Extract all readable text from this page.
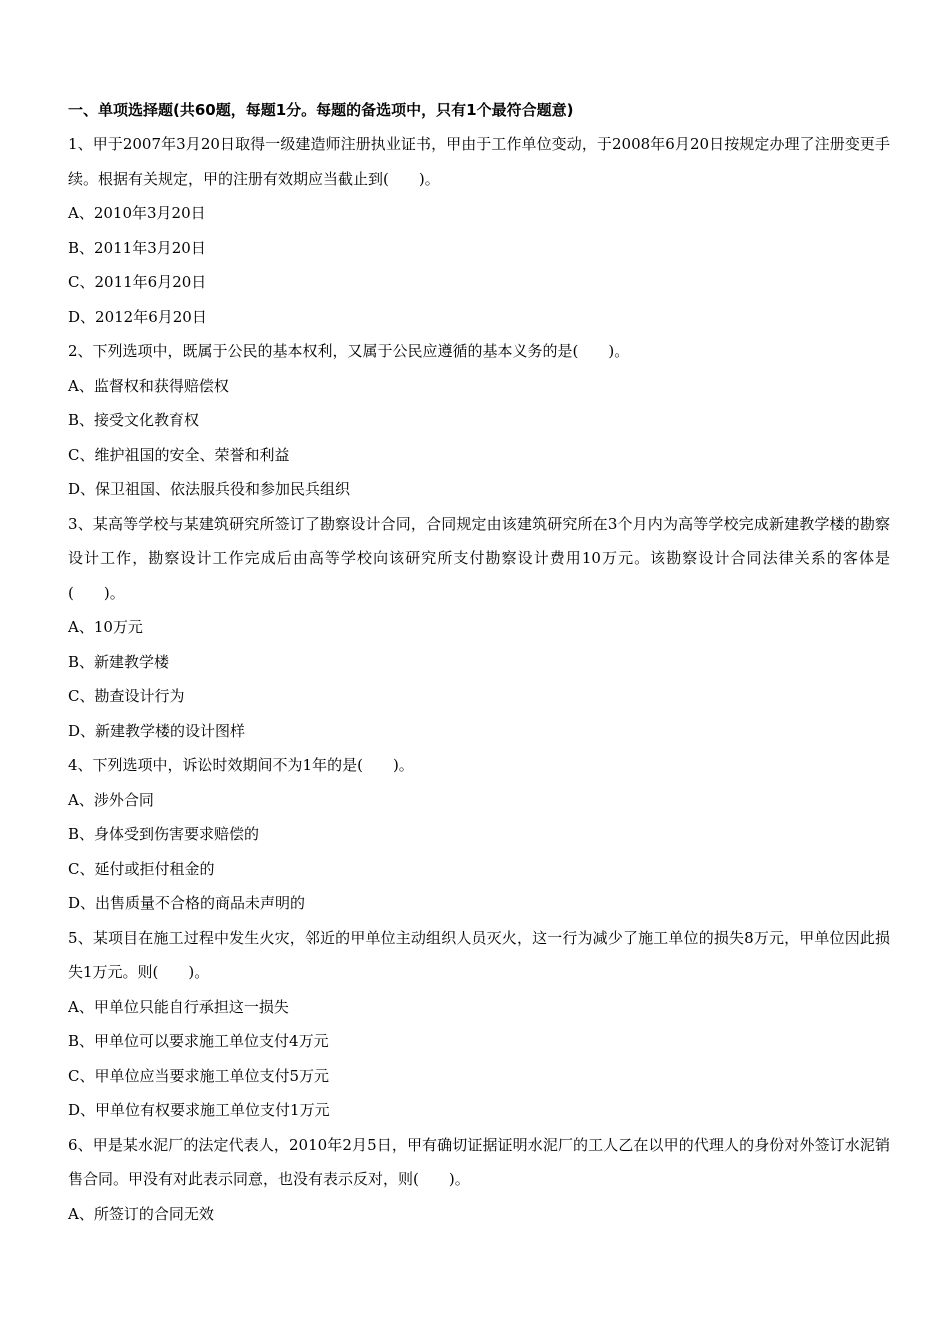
一、单项选择题(共60题，每题1分。每题的备选项中，只有1个最符合题意)

1、甲于2007年3月20日取得一级建造师注册执业证书，甲由于工作单位变动，于2008年6月20日按规定办理了注册变更手续。根据有关规定，甲的注册有效期应当截止到(　　)。

A、2010年3月20日

B、2011年3月20日

C、2011年6月20日

D、2012年6月20日

2、下列选项中，既属于公民的基本权利，又属于公民应遵循的基本义务的是(　　)。

A、监督权和获得赔偿权

B、接受文化教育权

C、维护祖国的安全、荣誉和利益

D、保卫祖国、依法服兵役和参加民兵组织

3、某高等学校与某建筑研究所签订了勘察设计合同，合同规定由该建筑研究所在3个月内为高等学校完成新建教学楼的勘察设计工作，勘察设计工作完成后由高等学校向该研究所支付勘察设计费用10万元。该勘察设计合同法律关系的客体是(　　)。

A、10万元

B、新建教学楼

C、勘查设计行为

D、新建教学楼的设计图样

4、下列选项中，诉讼时效期间不为1年的是(　　)。

A、涉外合同

B、身体受到伤害要求赔偿的

C、延付或拒付租金的

D、出售质量不合格的商品未声明的

5、某项目在施工过程中发生火灾，邻近的甲单位主动组织人员灭火，这一行为减少了施工单位的损失8万元，甲单位因此损失1万元。则(　　)。

A、甲单位只能自行承担这一损失

B、甲单位可以要求施工单位支付4万元

C、甲单位应当要求施工单位支付5万元

D、甲单位有权要求施工单位支付1万元

6、甲是某水泥厂的法定代表人，2010年2月5日，甲有确切证据证明水泥厂的工人乙在以甲的代理人的身份对外签订水泥销售合同。甲没有对此表示同意，也没有表示反对，则(　　)。

A、所签订的合同无效
